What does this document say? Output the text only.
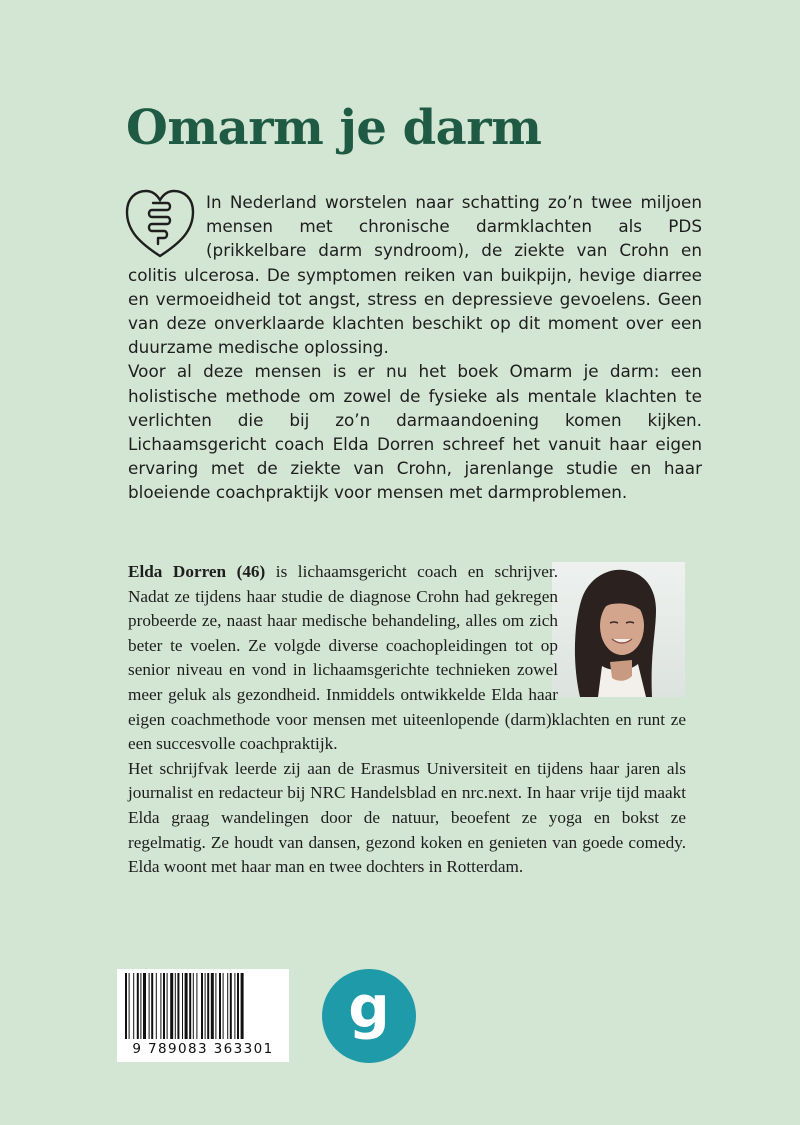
Omarm je darm

In Nederland worstelen naar schatting zo’n twee miljoen mensen met chronische darmklachten als PDS (prikkelbare darm syndroom), de ziekte van Crohn en colitis ulcerosa. De symptomen reiken van buikpijn, hevige diarree en vermoeidheid tot angst, stress en depressieve gevoelens. Geen van deze onverklaarde klachten beschikt op dit moment over een duurzame medische oplossing.

Voor al deze mensen is er nu het boek Omarm je darm: een holistische methode om zowel de fysieke als mentale klachten te verlichten die bij zo’n darmaandoening komen kijken. Lichaamsgericht coach Elda Dorren schreef het vanuit haar eigen ervaring met de ziekte van Crohn, jarenlange studie en haar bloeiende coachpraktijk voor mensen met darmproblemen.

Elda Dorren (46) is lichaamsgericht coach en schrijver. Nadat ze tijdens haar studie de diagnose Crohn had gekregen probeerde ze, naast haar medische behandeling, alles om zich beter te voelen. Ze volgde diverse coachopleidingen tot op senior niveau en vond in lichaamsgerichte technieken zowel meer geluk als gezondheid. Inmiddels ontwikkelde Elda haar eigen coachmethode voor mensen met uiteenlopende (darm)klachten en runt ze een succesvolle coachpraktijk.

Het schrijfvak leerde zij aan de Erasmus Universiteit en tijdens haar jaren als journalist en redacteur bij NRC Handelsblad en nrc.next. In haar vrije tijd maakt Elda graag wandelingen door de natuur, beoefent ze yoga en bokst ze regelmatig. Ze houdt van dansen, gezond koken en genieten van goede comedy. Elda woont met haar man en twee dochters in Rotterdam.

9 789083 363301
g
